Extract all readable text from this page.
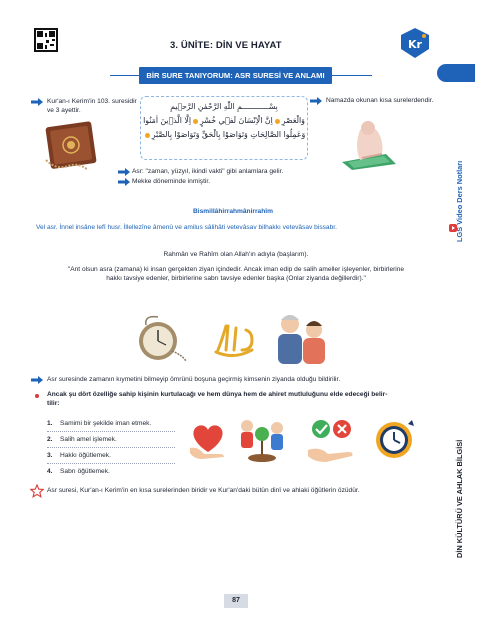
3. ÜNİTE: DİN VE HAYAT	Kr
BİR SURE TANIYORUM: ASR SURESİ VE ANLAMI
LGS Video Ders Notları
DİN KÜLTÜRÜ VE AHLAK BİLGİSİ
Kur'an-ı Kerim'in 103. suresidir ve 3 ayettir.	بِسْــــــــــــمِ اللّٰهِ الرَّحْمٰنِ الرَّح۪يمِ
وَالْعَصْرِاِنَّ الْاِنْسَانَ لَف۪ي خُسْرٍاِلَّا الَّذ۪ينَ اٰمَنُوا
وَعَمِلُوا الصَّالِحَاتِ وَتَوَاصَوْا بِالْحَقِّ وَتَوَاصَوْا بِالصَّبْرِ
Namazda okunan kısa surelerdendir.
Asr: "zaman, yüzyıl, ikindi vakti" gibi anlamlara gelir.
Mekke döneminde inmiştir.
Bismillâhirrahmânirrahîm
Vel asr. İnnel insâne lefî husr. İllellezîne âmenû ve amilus sâlihâti vetevâsav bilhakkı vetevâsav bissabr.
Rahmân ve Rahîm olan Allah'ın adıyla (başlarım).
"Ant olsun asra (zamana) ki insan gerçekten ziyan içindedir. Ancak iman edip de salih ameller işleyenler, birbirlerine
hakkı tavsiye edenler, birbirlerine sabrı tavsiye edenler başka (Onlar ziyanda değillerdir)."
Asr suresinde zamanın kıymetini bilmeyip ömrünü boşuna geçirmiş kimsenin ziyanda olduğu bildirilir.
Ancak şu dört özelliğe sahip kişinin kurtulacağı ve hem dünya hem de ahiret mutluluğunu elde edeceği belir-
tilir:
1. Samimi bir şekilde iman etmek.
2. Salih amel işlemek.
3. Hakkı öğütlemek.
4. Sabrı öğütlemek.
Asr suresi, Kur'an-ı Kerim'in en kısa surelerinden biridir ve Kur'an'daki bütün dinî ve ahlaki öğütlerin özüdür.
87
